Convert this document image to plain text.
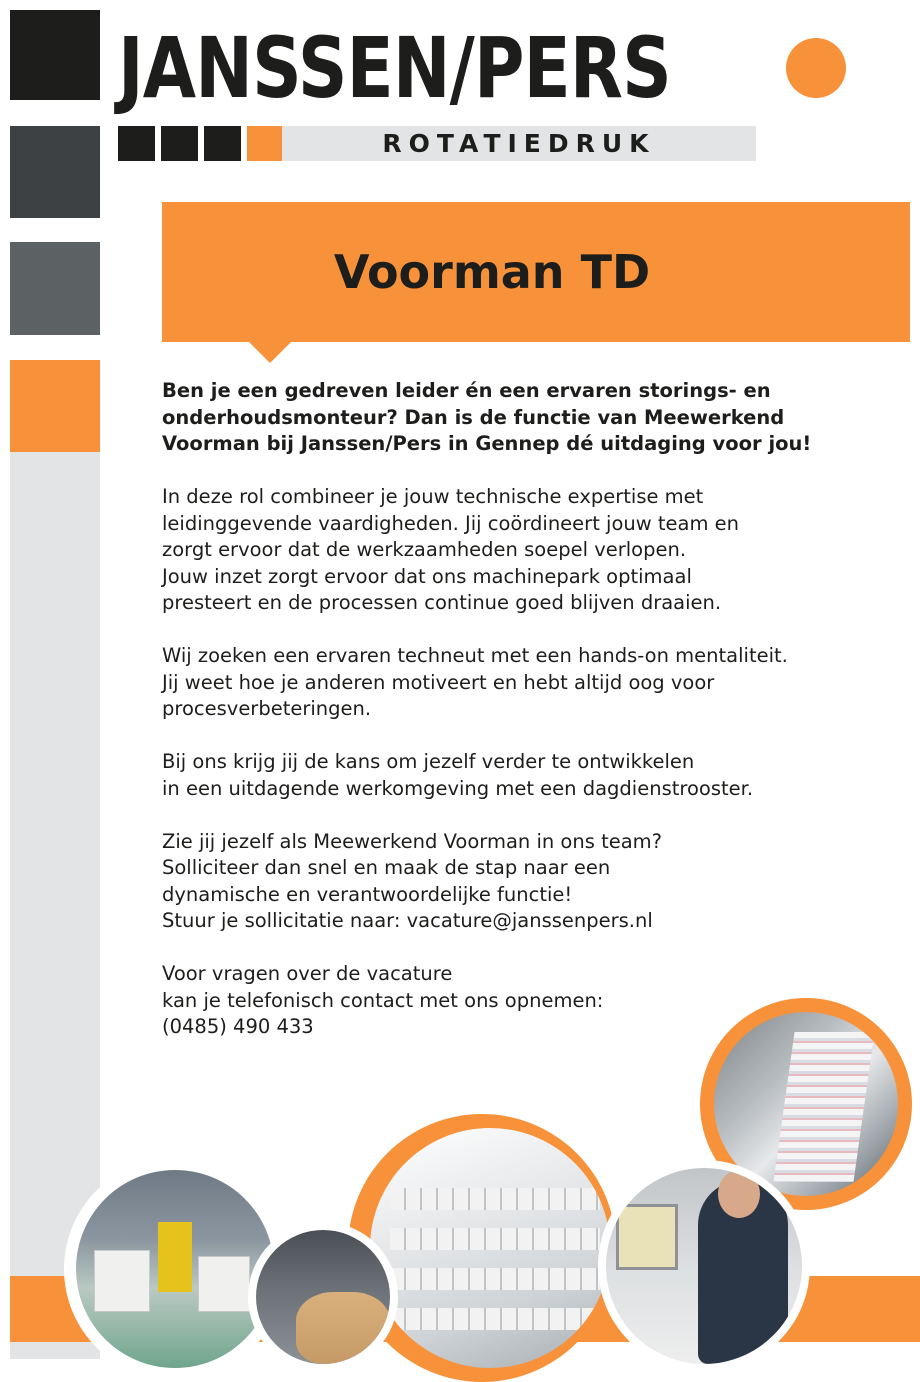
JANSSEN/PERS
ROTATIEDRUK
Voorman TD

Ben je een gedreven leider én een ervaren storings- en
onderhoudsmonteur? Dan is de functie van Meewerkend
Voorman bij Janssen/Pers in Gennep dé uitdaging voor jou!

In deze rol combineer je jouw technische expertise met
leidinggevende vaardigheden. Jij coördineert jouw team en
zorgt ervoor dat de werkzaamheden soepel verlopen.
Jouw inzet zorgt ervoor dat ons machinepark optimaal
presteert en de processen continue goed blijven draaien.

Wij zoeken een ervaren techneut met een hands-on mentaliteit.
Jij weet hoe je anderen motiveert en hebt altijd oog voor
procesverbeteringen.

Bij ons krijg jij de kans om jezelf verder te ontwikkelen
in een uitdagende werkomgeving met een dagdienstrooster.

Zie jij jezelf als Meewerkend Voorman in ons team?
Solliciteer dan snel en maak de stap naar een
dynamische en verantwoordelijke functie!

Stuur je sollicitatie naar: vacature@janssenpers.nl

Voor vragen over de vacature
kan je telefonisch contact met ons opnemen:

(0485) 490 433
